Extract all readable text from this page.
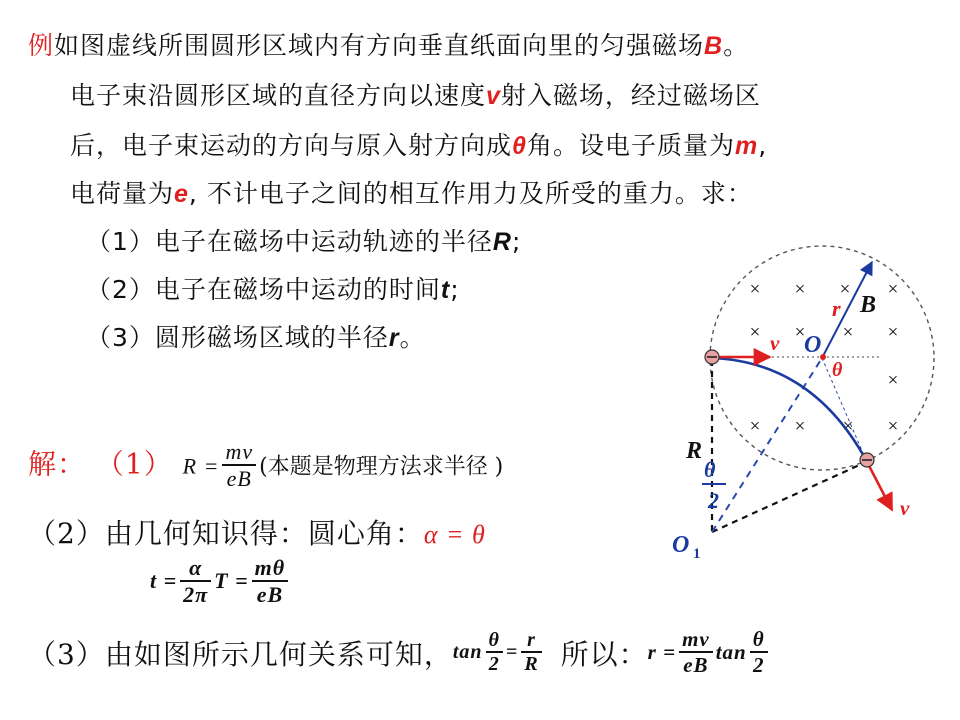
例如图虚线所围圆形区域内有方向垂直纸面向里的匀强磁场B。
电子束沿圆形区域的直径方向以速度v射入磁场，经过磁场区
后，电子束运动的方向与原入射方向成θ角。设电子质量为m,
电荷量为e, 不计电子之间的相互作用力及所受的重力。求：
（1）电子在磁场中运动轨迹的半径R;
（2）电子在磁场中运动的时间t;
（3）圆形磁场区域的半径r。
解： （1） $R = \frac{mv}{eB}$ (本题是物理方法求半径 )
（2）由几何知识得：圆心角：α = θ
$t = \frac{\alpha}{2\pi}$ $T = \frac{m\theta}{eB}$
（3）由如图所示几何关系可知，$\tan \frac{\theta}{2} = \frac{r}{R}$ 所以：$r = \frac{mv}{eB}$ $\tan \frac{\theta}{2}$
× × × ×
× × × ×
×
× × × ×
v
v
O
θ
r B
R
θ
2
O 1
